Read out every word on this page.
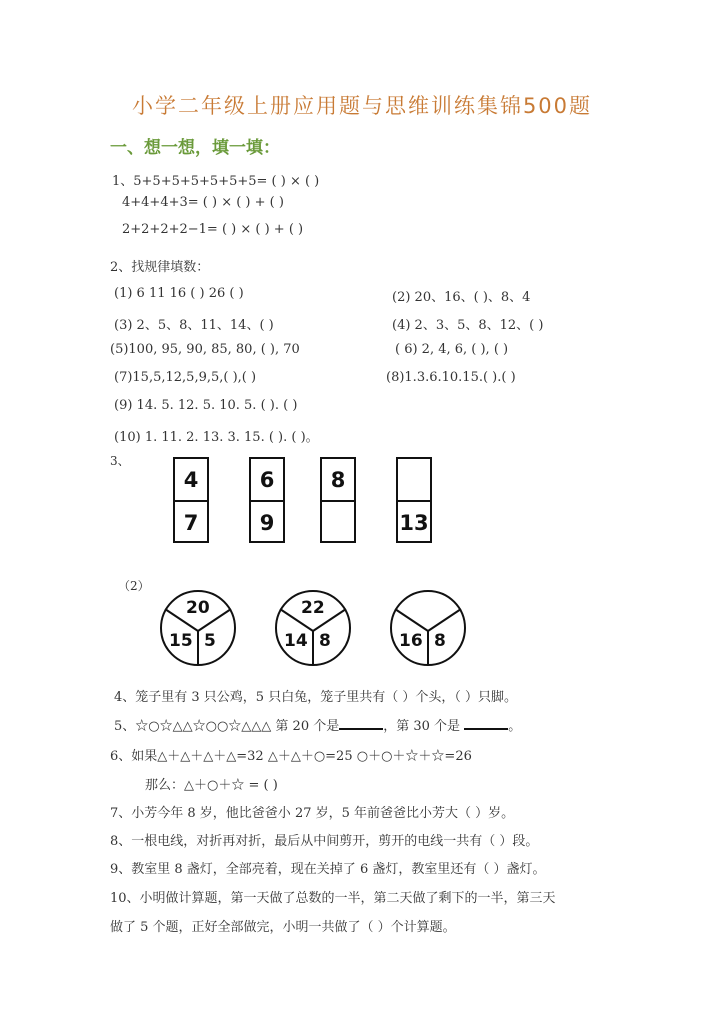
小学二年级上册应用题与思维训练集锦500题
一、想一想，填一填：
1、5+5+5+5+5+5+5= ( ) × ( )
4+4+4+3= ( ) × ( ) + ( )
2+2+2+2−1= ( ) × ( ) + ( )
2、找规律填数：
(1) 6 11 16 ( ) 26 ( )	(2) 20、16、( )、8、4
(3) 2、5、8、11、14、( )	(4) 2、3、5、8、12、( )
(5)100, 95, 90, 85, 80, ( ), 70	( 6) 2, 4, 6, ( ), ( )
(7)15,5,12,5,9,5,( ),( )	(8)1.3.6.10.15.( ).( )
(9) 14. 5. 12. 5. 10. 5. ( ). ( )
(10) 1. 11. 2. 13. 3. 15. ( ). ( )。
3、
4
7
6
9
8
13
（2）
20
15 5
22
14 8	16 8
4、笼子里有 3 只公鸡，5 只白兔，笼子里共有（ ）个头，（ ）只脚。
5、☆○☆△△☆○○☆△△△ 第 20 个是	，第 30 个是	。
6、如果△＋△＋△＋△=32 △＋△＋○=25 ○＋○＋☆＋☆=26
那么：△＋○＋☆ = ( )
7、小芳今年 8 岁，他比爸爸小 27 岁，5 年前爸爸比小芳大（ ）岁。
8、一根电线，对折再对折，最后从中间剪开，剪开的电线一共有（ ）段。
9、教室里 8 盏灯，全部亮着，现在关掉了 6 盏灯，教室里还有（ ）盏灯。
10、小明做计算题，第一天做了总数的一半，第二天做了剩下的一半，第三天
做了 5 个题，正好全部做完，小明一共做了（ ）个计算题。
